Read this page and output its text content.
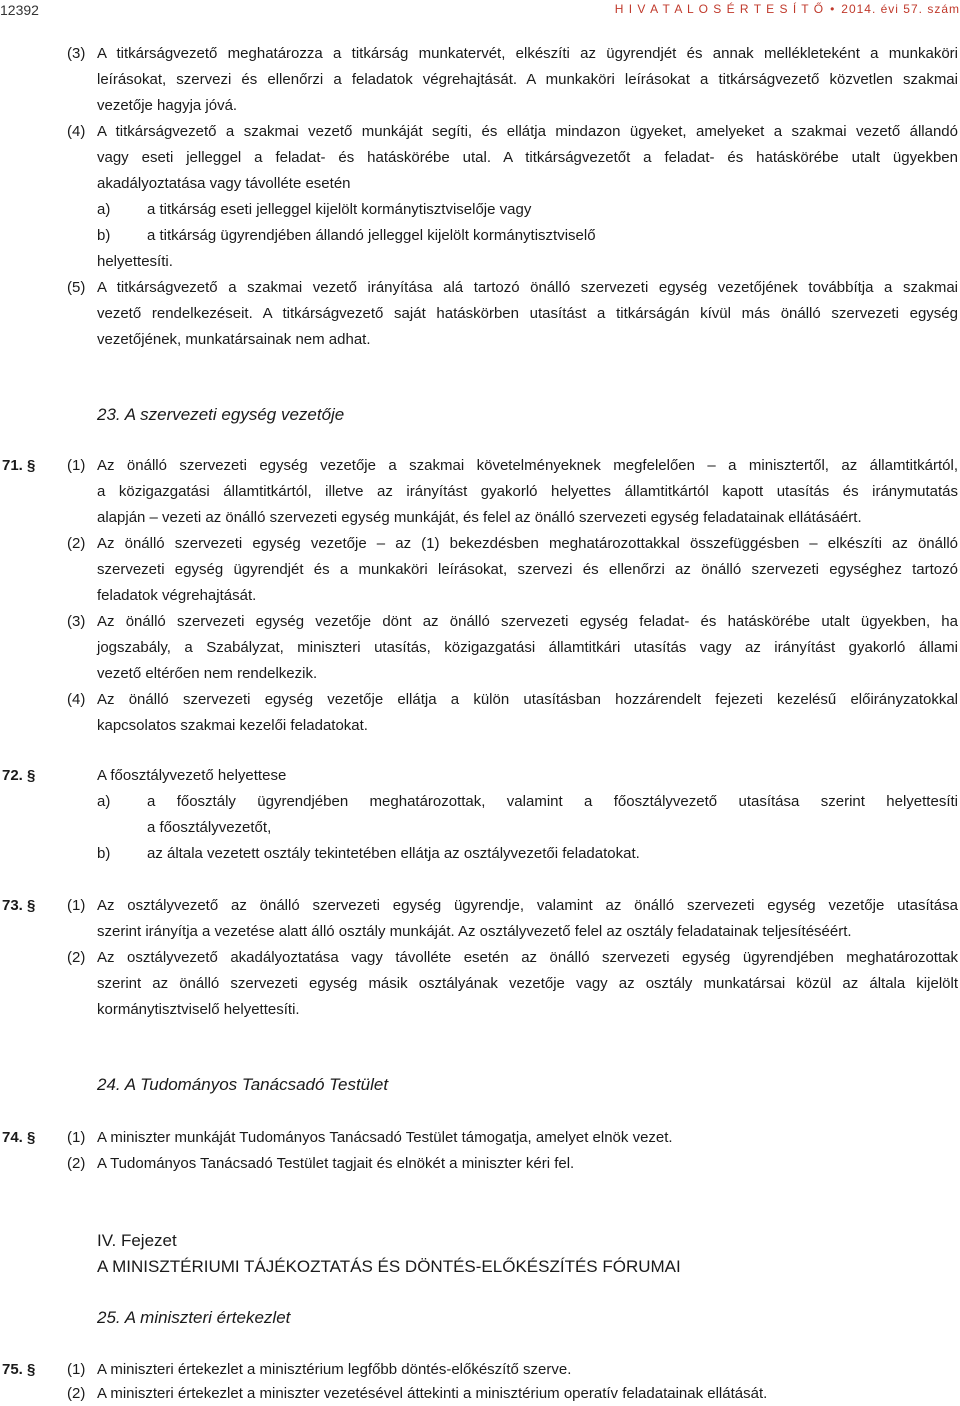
12392	H I V A T A L O S É R T E S Í T Ő • 2014. évi 57. szám
(3) A titkárságvezető meghatározza a titkárság munkatervét, elkészíti az ügyrendjét és annak mellékleteként a munkaköri
leírásokat, szervezi és ellenőrzi a feladatok végrehajtását. A munkaköri leírásokat a titkárságvezető közvetlen szakmai
vezetője hagyja jóvá.
(4) A titkárságvezető a szakmai vezető munkáját segíti, és ellátja mindazon ügyeket, amelyeket a szakmai vezető állandó
vagy eseti jelleggel a feladat- és hatáskörébe utal. A titkárságvezetőt a feladat- és hatáskörébe utalt ügyekben
akadályoztatása vagy távolléte esetén
a) a titkárság eseti jelleggel kijelölt kormánytisztviselője vagy
b) a titkárság ügyrendjében állandó jelleggel kijelölt kormánytisztviselő
helyettesíti.
(5) A titkárságvezető a szakmai vezető irányítása alá tartozó önálló szervezeti egység vezetőjének továbbítja a szakmai
vezető rendelkezéseit. A titkárságvezető saját hatáskörben utasítást a titkárságán kívül más önálló szervezeti egység
vezetőjének, munkatársainak nem adhat.
23. A szervezeti egység vezetője
71. § (1) Az önálló szervezeti egység vezetője a szakmai követelményeknek megfelelően – a minisztertől, az államtitkártól,
a közigazgatási államtitkártól, illetve az irányítást gyakorló helyettes államtitkártól kapott utasítás és iránymutatás
alapján – vezeti az önálló szervezeti egység munkáját, és felel az önálló szervezeti egység feladatainak ellátásáért.
(2) Az önálló szervezeti egység vezetője – az (1) bekezdésben meghatározottakkal összefüggésben – elkészíti az önálló
szervezeti egység ügyrendjét és a munkaköri leírásokat, szervezi és ellenőrzi az önálló szervezeti egységhez tartozó
feladatok végrehajtását.
(3) Az önálló szervezeti egység vezetője dönt az önálló szervezeti egység feladat- és hatáskörébe utalt ügyekben, ha
jogszabály, a Szabályzat, miniszteri utasítás, közigazgatási államtitkári utasítás vagy az irányítást gyakorló állami
vezető eltérően nem rendelkezik.
(4) Az önálló szervezeti egység vezetője ellátja a külön utasításban hozzárendelt fejezeti kezelésű előirányzatokkal
kapcsolatos szakmai kezelői feladatokat.
72. §	A főosztályvezető helyettese
a) a főosztály ügyrendjében meghatározottak, valamint a főosztályvezető utasítása szerint helyettesíti
a főosztályvezetőt,
b) az általa vezetett osztály tekintetében ellátja az osztályvezetői feladatokat.
73. § (1) Az osztályvezető az önálló szervezeti egység ügyrendje, valamint az önálló szervezeti egység vezetője utasítása
szerint irányítja a vezetése alatt álló osztály munkáját. Az osztályvezető felel az osztály feladatainak teljesítéséért.
(2) Az osztályvezető akadályoztatása vagy távolléte esetén az önálló szervezeti egység ügyrendjében meghatározottak
szerint az önálló szervezeti egység másik osztályának vezetője vagy az osztály munkatársai közül az általa kijelölt
kormánytisztviselő helyettesíti.
24. A Tudományos Tanácsadó Testület
74. § (1) A miniszter munkáját Tudományos Tanácsadó Testület támogatja, amelyet elnök vezet.
(2) A Tudományos Tanácsadó Testület tagjait és elnökét a miniszter kéri fel.
IV. Fejezet
A MINISZTÉRIUMI TÁJÉKOZTATÁS ÉS DÖNTÉS-ELŐKÉSZÍTÉS FÓRUMAI
25. A miniszteri értekezlet
75. § (1) A miniszteri értekezlet a minisztérium legfőbb döntés-előkészítő szerve.
(2) A miniszteri értekezlet a miniszter vezetésével áttekinti a minisztérium operatív feladatainak ellátását.
